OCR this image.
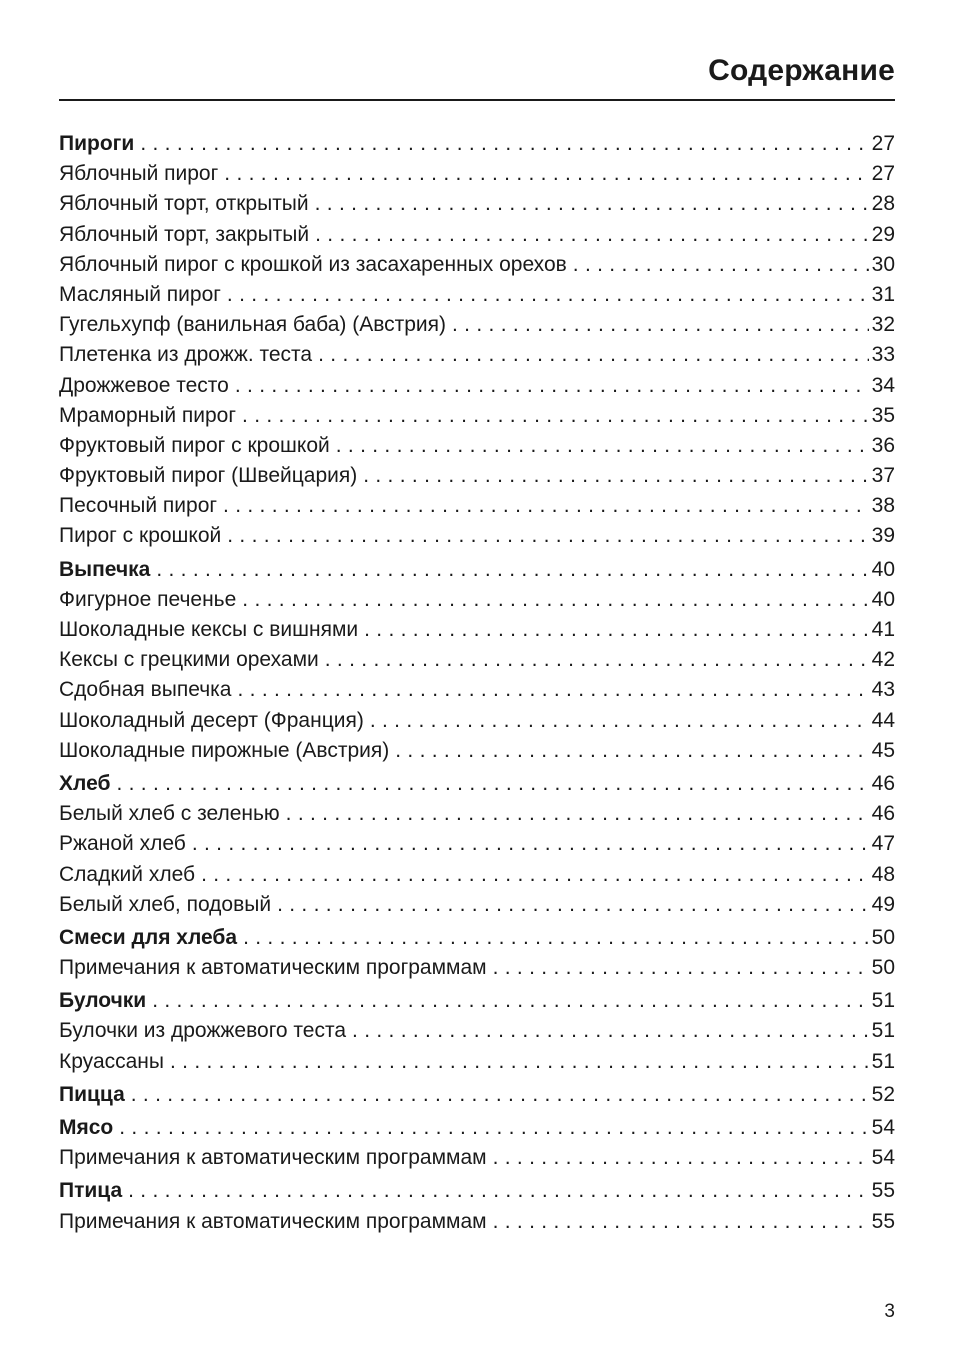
Содержание
Пироги . . .	27
Яблочный пирог . . .	27
Яблочный торт, открытый . . .	28
Яблочный торт, закрытый . . .	29
Яблочный пирог с крошкой из засахаренных орехов . . .	30
Масляный пирог . . .	31
Гугельхупф (ванильная баба) (Австрия) . . .	32
Плетенка из дрожж. теста . . .	33
Дрожжевое тесто . . .	34
Мраморный пирог . . .	35
Фруктовый пирог с крошкой . . .	36
Фруктовый пирог (Швейцария) . . .	37
Песочный пирог . . .	38
Пирог с крошкой . . .	39
Выпечка . . .	40
Фигурное печенье . . .	40
Шоколадные кексы с вишнями . . .	41
Кексы с грецкими орехами . . .	42
Сдобная выпечка . . .	43
Шоколадный десерт (Франция) . . .	44
Шоколадные пирожные (Австрия) . . .	45
Хлеб . . .	46
Белый хлеб с зеленью . . .	46
Ржаной хлеб . . .	47
Сладкий хлеб . . .	48
Белый хлеб, подовый . . .	49
Смеси для хлеба . . .	50
Примечания к автоматическим программам . . .	50
Булочки . . .	51
Булочки из дрожжевого теста . . .	51
Круассаны . . .	51
Пицца . . .	52
Мясо . . .	54
Примечания к автоматическим программам . . .	54
Птица . . .	55
Примечания к автоматическим программам . . .	55
3
